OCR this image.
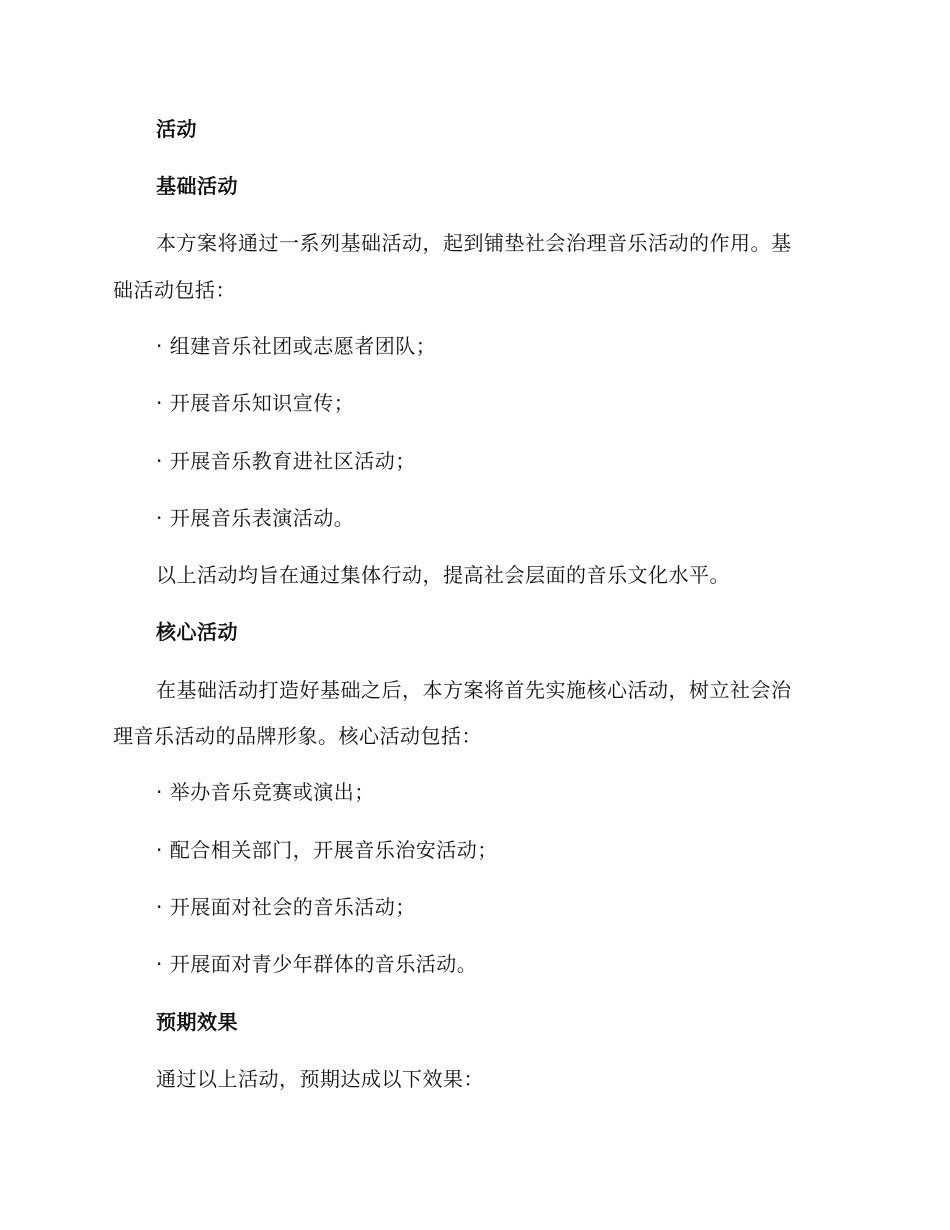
活动
基础活动
本方案将通过一系列基础活动，起到铺垫社会治理音乐活动的作用。基
础活动包括：
· 组建音乐社团或志愿者团队；
· 开展音乐知识宣传；
· 开展音乐教育进社区活动；
· 开展音乐表演活动。
以上活动均旨在通过集体行动，提高社会层面的音乐文化水平。
核心活动
在基础活动打造好基础之后，本方案将首先实施核心活动，树立社会治
理音乐活动的品牌形象。核心活动包括：
· 举办音乐竞赛或演出；
· 配合相关部门，开展音乐治安活动；
· 开展面对社会的音乐活动；
· 开展面对青少年群体的音乐活动。
预期效果
通过以上活动，预期达成以下效果：
